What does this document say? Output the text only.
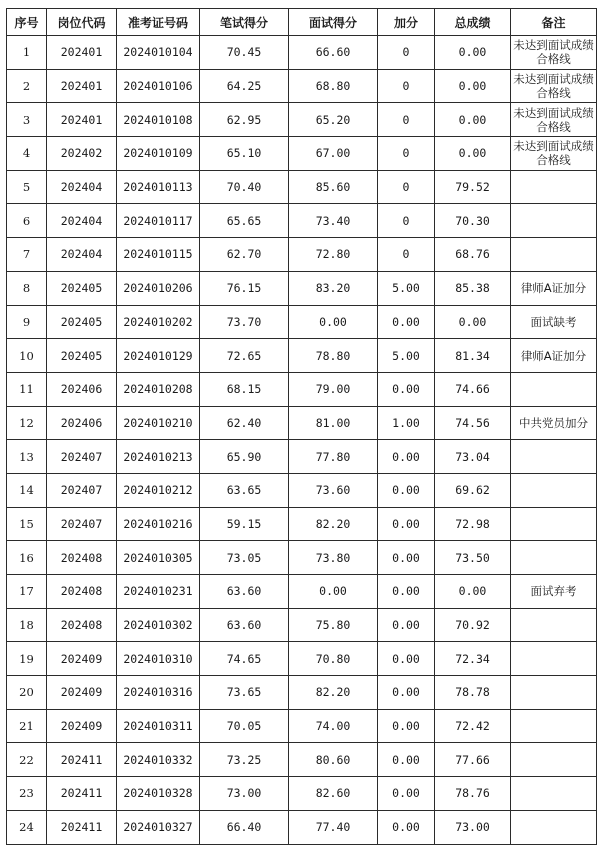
序号	岗位代码	准考证号码	笔试得分	面试得分	加分	总成绩	备注
1	202401	2024010104	70.45	66.60	0	0.00	未达到面试成绩合格线
2	202401	2024010106	64.25	68.80	0	0.00	未达到面试成绩合格线
3	202401	2024010108	62.95	65.20	0	0.00	未达到面试成绩合格线
4	202402	2024010109	65.10	67.00	0	0.00	未达到面试成绩合格线
5	202404	2024010113	70.40	85.60	0	79.52	
6	202404	2024010117	65.65	73.40	0	70.30	
7	202404	2024010115	62.70	72.80	0	68.76	
8	202405	2024010206	76.15	83.20	5.00	85.38	律师A证加分
9	202405	2024010202	73.70	0.00	0.00	0.00	面试缺考
10	202405	2024010129	72.65	78.80	5.00	81.34	律师A证加分
11	202406	2024010208	68.15	79.00	0.00	74.66	
12	202406	2024010210	62.40	81.00	1.00	74.56	中共党员加分
13	202407	2024010213	65.90	77.80	0.00	73.04	
14	202407	2024010212	63.65	73.60	0.00	69.62	
15	202407	2024010216	59.15	82.20	0.00	72.98	
16	202408	2024010305	73.05	73.80	0.00	73.50	
17	202408	2024010231	63.60	0.00	0.00	0.00	面试弃考
18	202408	2024010302	63.60	75.80	0.00	70.92	
19	202409	2024010310	74.65	70.80	0.00	72.34	
20	202409	2024010316	73.65	82.20	0.00	78.78	
21	202409	2024010311	70.05	74.00	0.00	72.42	
22	202411	2024010332	73.25	80.60	0.00	77.66	
23	202411	2024010328	73.00	82.60	0.00	78.76	
24	202411	2024010327	66.40	77.40	0.00	73.00	
